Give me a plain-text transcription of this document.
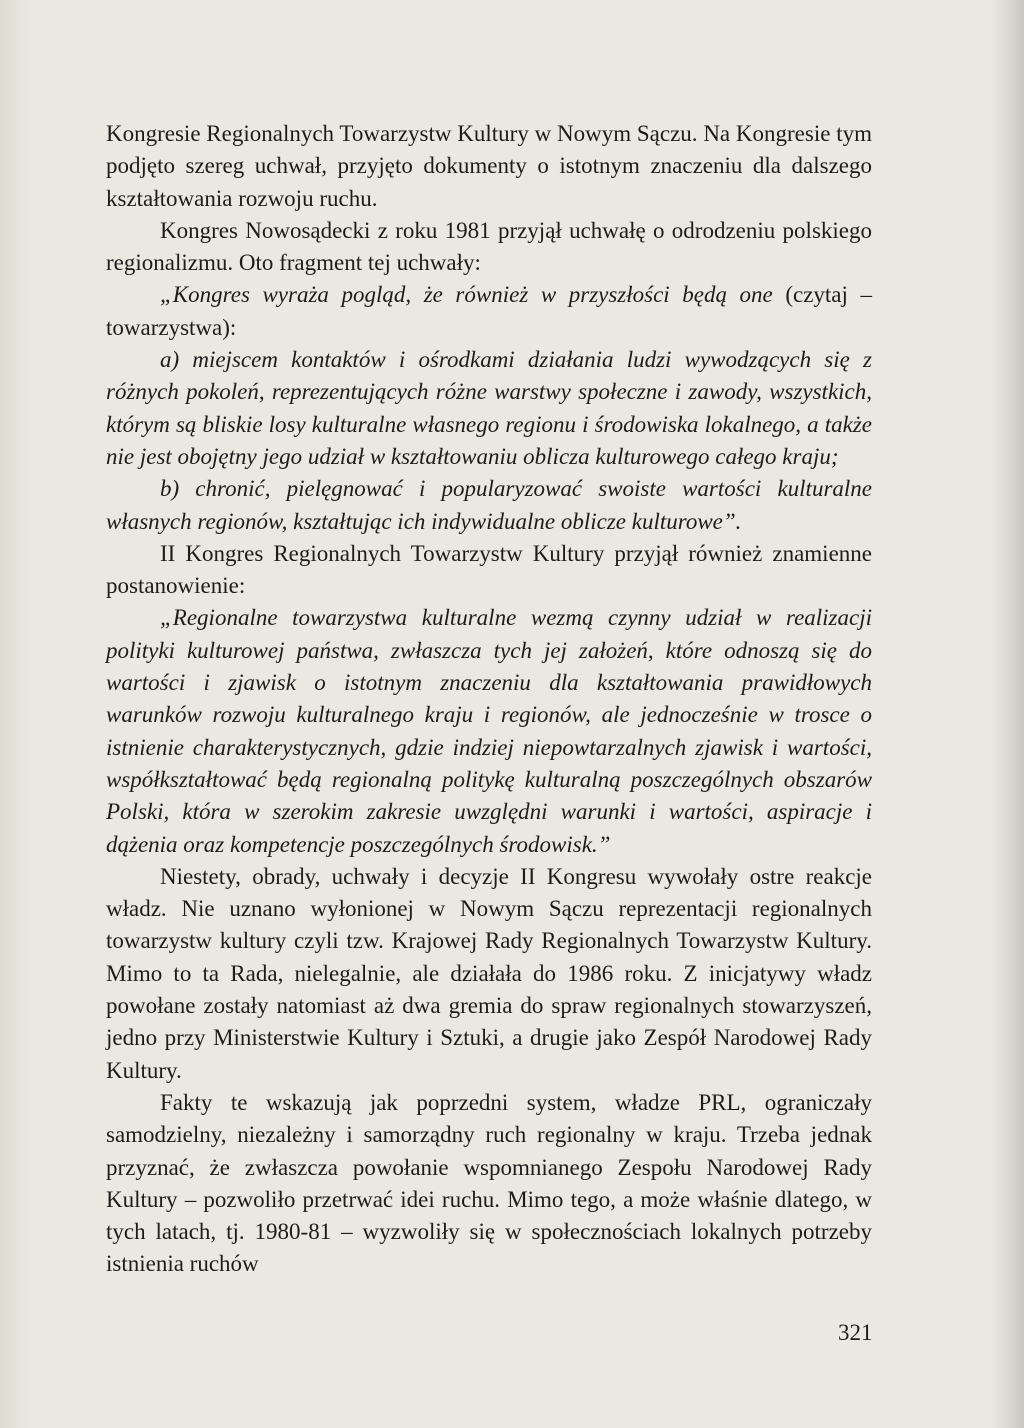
Kongresie Regionalnych Towarzystw Kultury w Nowym Sączu. Na Kongresie tym podjęto szereg uchwał, przyjęto dokumenty o istotnym znaczeniu dla dalszego kształtowania rozwoju ruchu.

Kongres Nowosądecki z roku 1981 przyjął uchwałę o odrodzeniu polskiego regionalizmu. Oto fragment tej uchwały:

„Kongres wyraża pogląd, że również w przyszłości będą one (czytaj – towarzystwa):

a) miejscem kontaktów i ośrodkami działania ludzi wywodzących się z różnych pokoleń, reprezentujących różne warstwy społeczne i zawody, wszystkich, którym są bliskie losy kulturalne własnego regionu i środowiska lokalnego, a także nie jest obojętny jego udział w kształtowaniu oblicza kulturowego całego kraju;

b) chronić, pielęgnować i popularyzować swoiste wartości kulturalne własnych regionów, kształtując ich indywidualne oblicze kulturowe”.

II Kongres Regionalnych Towarzystw Kultury przyjął również znamienne postanowienie:

„Regionalne towarzystwa kulturalne wezmą czynny udział w realizacji polityki kulturowej państwa, zwłaszcza tych jej założeń, które odnoszą się do wartości i zjawisk o istotnym znaczeniu dla kształtowania prawidłowych warunków rozwoju kulturalnego kraju i regionów, ale jednocześnie w trosce o istnienie charakterystycznych, gdzie indziej niepowtarzalnych zjawisk i wartości, współkształtować będą regionalną politykę kulturalną poszczególnych obszarów Polski, która w szerokim zakresie uwzględni warunki i wartości, aspiracje i dążenia oraz kompetencje poszczególnych środowisk.”

Niestety, obrady, uchwały i decyzje II Kongresu wywołały ostre reakcje władz. Nie uznano wyłonionej w Nowym Sączu reprezentacji regionalnych towarzystw kultury czyli tzw. Krajowej Rady Regionalnych Towarzystw Kultury. Mimo to ta Rada, nielegalnie, ale działała do 1986 roku. Z inicjatywy władz powołane zostały natomiast aż dwa gremia do spraw regionalnych stowarzyszeń, jedno przy Ministerstwie Kultury i Sztuki, a drugie jako Zespół Narodowej Rady Kultury.

Fakty te wskazują jak poprzedni system, władze PRL, ograniczały samodzielny, niezależny i samorządny ruch regionalny w kraju. Trzeba jednak przyznać, że zwłaszcza powołanie wspomnianego Zespołu Narodowej Rady Kultury – pozwoliło przetrwać idei ruchu. Mimo tego, a może właśnie dlatego, w tych latach, tj. 1980-81 – wyzwoliły się w społecznościach lokalnych potrzeby istnienia ruchów

321
